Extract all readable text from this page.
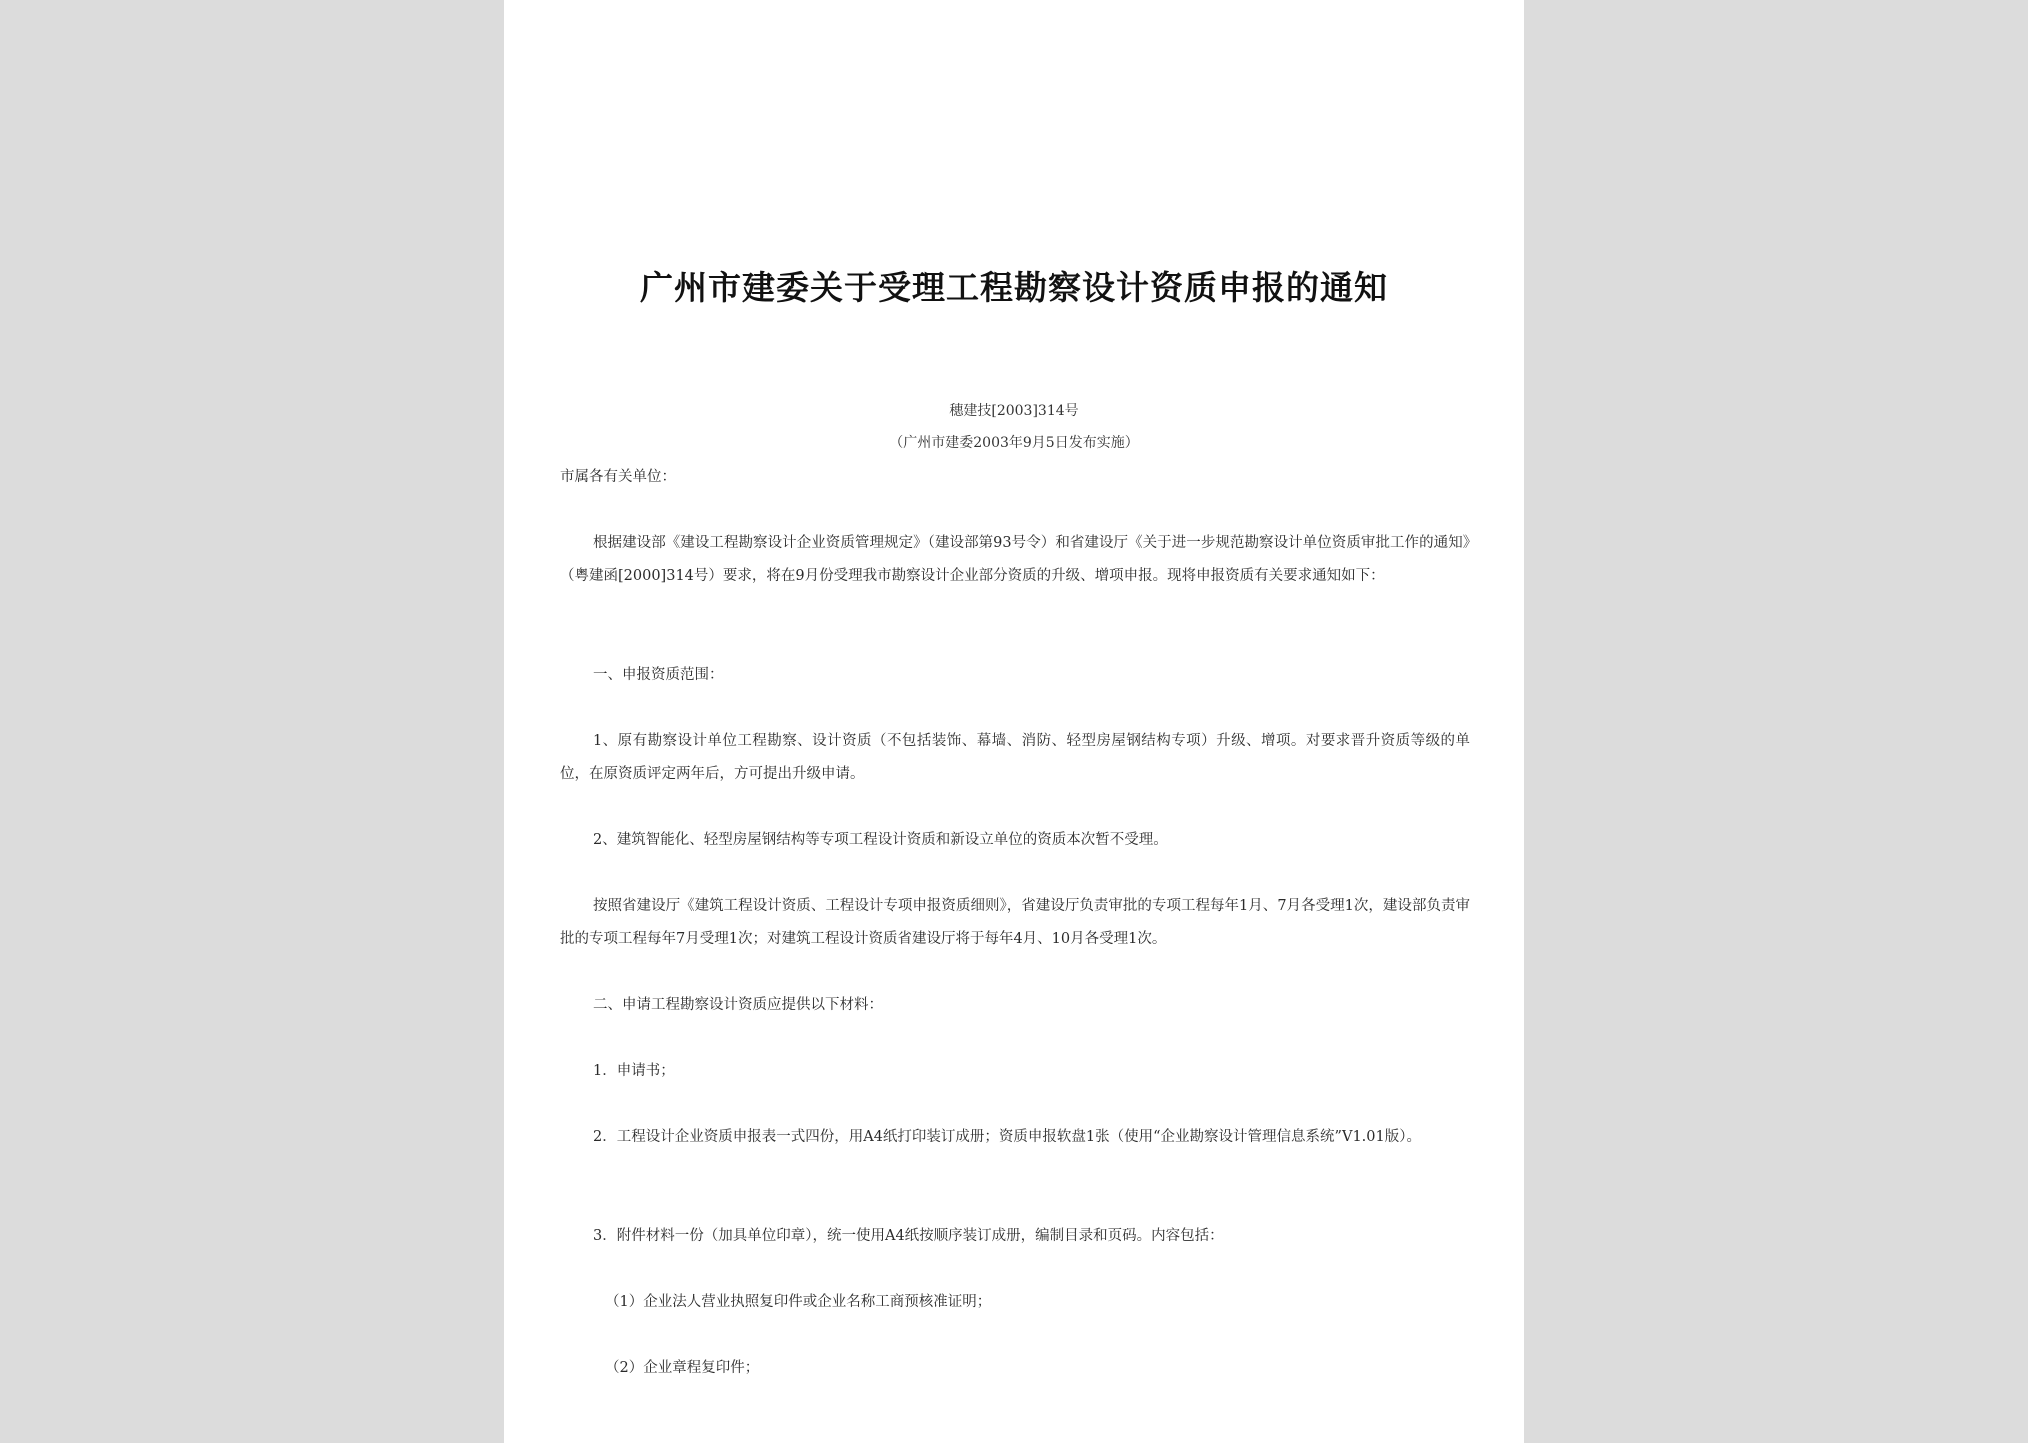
广州市建委关于受理工程勘察设计资质申报的通知
穗建技[2003]314号
（广州市建委2003年9月5日发布实施）

市属各有关单位：

根据建设部《建设工程勘察设计企业资质管理规定》（建设部第93号令）和省建设厅《关于进一步规范勘察设计单位资质审批工作的通知》（粤建函[2000]314号）要求，将在9月份受理我市勘察设计企业部分资质的升级、增项申报。现将申报资质有关要求通知如下：

一、申报资质范围：

1、原有勘察设计单位工程勘察、设计资质（不包括装饰、幕墙、消防、轻型房屋钢结构专项）升级、增项。对要求晋升资质等级的单位，在原资质评定两年后，方可提出升级申请。

2、建筑智能化、轻型房屋钢结构等专项工程设计资质和新设立单位的资质本次暂不受理。

按照省建设厅《建筑工程设计资质、工程设计专项申报资质细则》，省建设厅负责审批的专项工程每年1月、7月各受理1次，建设部负责审批的专项工程每年7月受理1次；对建筑工程设计资质省建设厅将于每年4月、10月各受理1次。

二、申请工程勘察设计资质应提供以下材料：

1．申请书；

2．工程设计企业资质申报表一式四份，用A4纸打印装订成册；资质申报软盘1张（使用“企业勘察设计管理信息系统”V1.01版）。

3．附件材料一份（加具单位印章），统一使用A4纸按顺序装订成册，编制目录和页码。内容包括：

（1）企业法人营业执照复印件或企业名称工商预核准证明；

（2）企业章程复印件；
